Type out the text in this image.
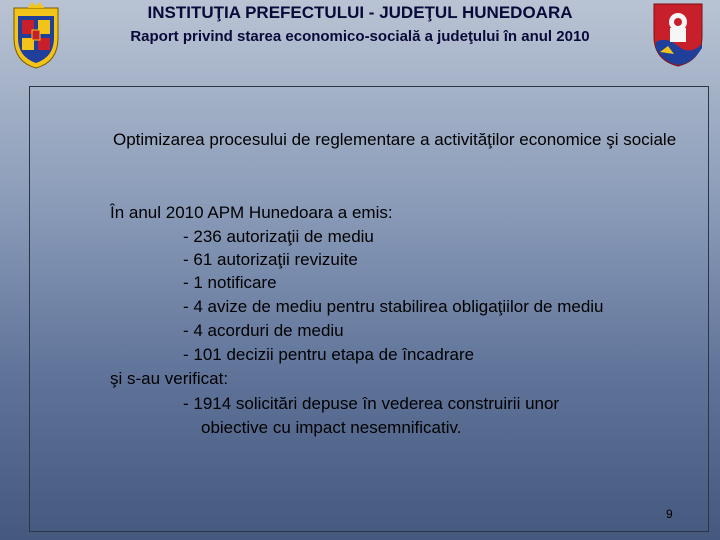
INSTITUŢIA PREFECTULUI - JUDEŢUL HUNEDOARA
Raport privind starea economico-socială a judeţului în anul 2010
Optimizarea procesului de reglementare a activităţilor economice şi sociale
În anul 2010 APM Hunedoara a emis:
- 236 autorizaţii de mediu
- 61 autorizaţii revizuite
- 1 notificare
- 4 avize de mediu pentru stabilirea obligaţiilor de mediu
- 4 acorduri de mediu
- 101 decizii pentru etapa de încadrare
şi s-au verificat:
- 1914 solicitări depuse în vederea construirii unor
obiective cu impact nesemnificativ.
9
